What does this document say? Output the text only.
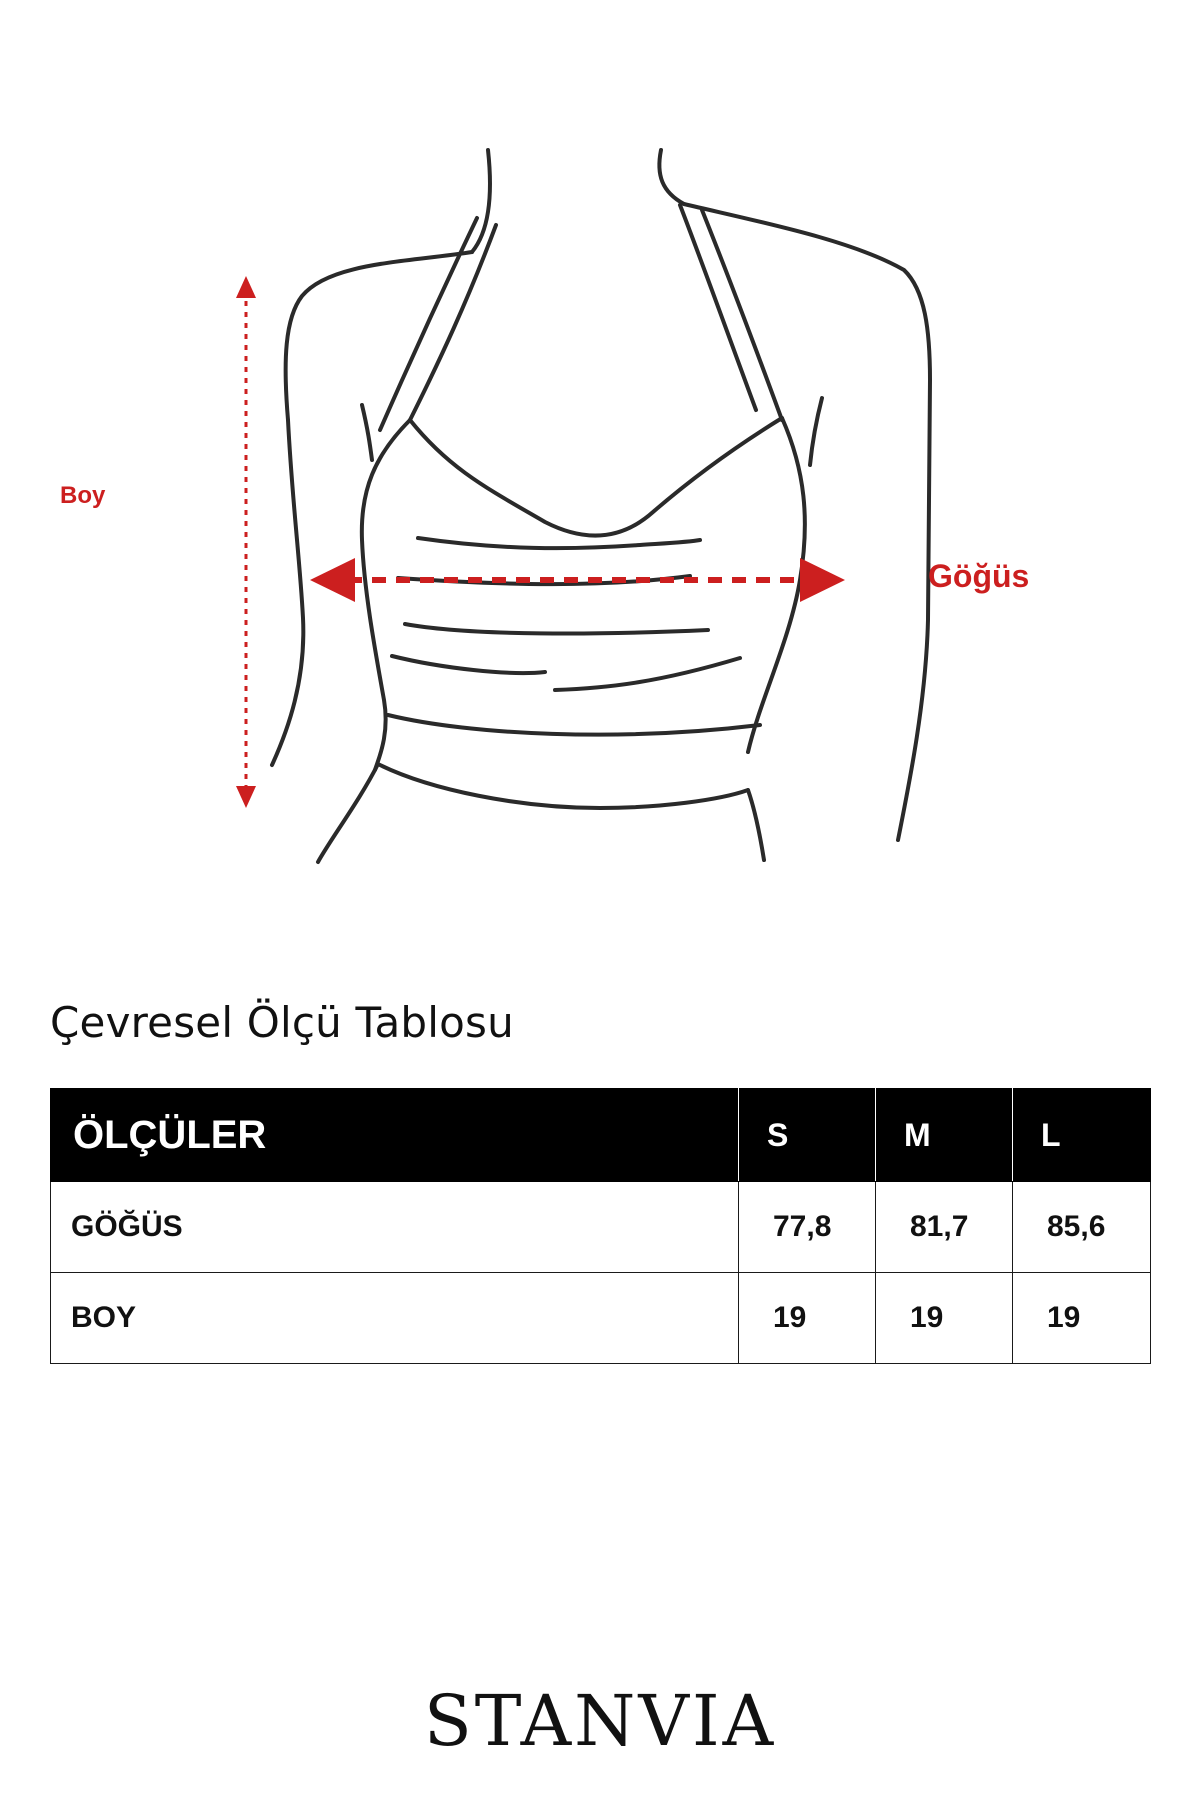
Boy
Göğüs
Çevresel Ölçü Tablosu
ÖLÇÜLER	S	M	L
GÖĞÜS	77,8	81,7	85,6
BOY	19	19	19
STANVIA
